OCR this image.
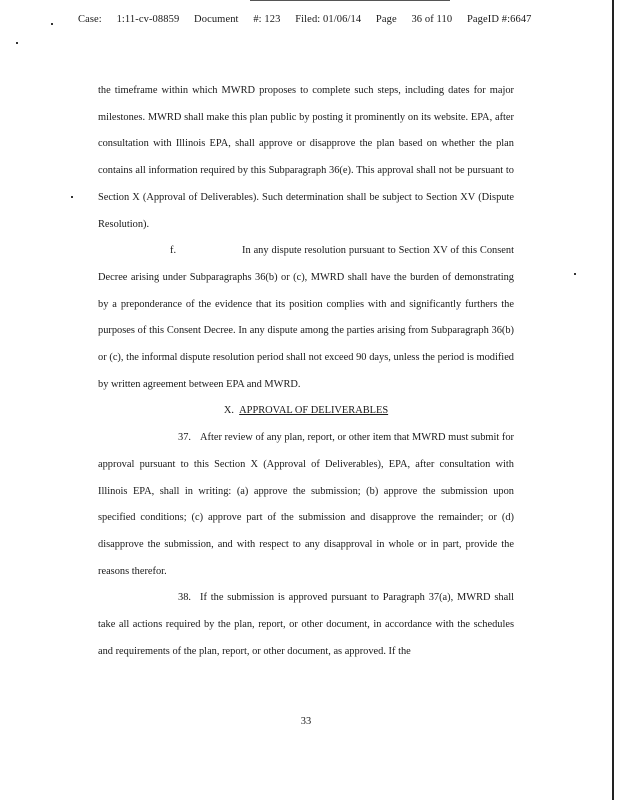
Case: 1:11-cv-08859 Document #: 123 Filed: 01/06/14 Page 36 of 110 PageID #:6647

the timeframe within which MWRD proposes to complete such steps, including dates for major milestones. MWRD shall make this plan public by posting it prominently on its website. EPA, after consultation with Illinois EPA, shall approve or disapprove the plan based on whether the plan contains all information required by this Subparagraph 36(e). This approval shall not be pursuant to Section X (Approval of Deliverables). Such determination shall be subject to Section XV (Dispute Resolution).

f.	In any dispute resolution pursuant to Section XV of this Consent Decree arising under Subparagraphs 36(b) or (c), MWRD shall have the burden of demonstrating by a preponderance of the evidence that its position complies with and significantly furthers the purposes of this Consent Decree. In any dispute among the parties arising from Subparagraph 36(b) or (c), the informal dispute resolution period shall not exceed 90 days, unless the period is modified by written agreement between EPA and MWRD.

X. APPROVAL OF DELIVERABLES

37. After review of any plan, report, or other item that MWRD must submit for approval pursuant to this Section X (Approval of Deliverables), EPA, after consultation with Illinois EPA, shall in writing: (a) approve the submission; (b) approve the submission upon specified conditions; (c) approve part of the submission and disapprove the remainder; or (d) disapprove the submission, and with respect to any disapproval in whole or in part, provide the reasons therefor.

38. If the submission is approved pursuant to Paragraph 37(a), MWRD shall take all actions required by the plan, report, or other document, in accordance with the schedules and requirements of the plan, report, or other document, as approved. If the

33
